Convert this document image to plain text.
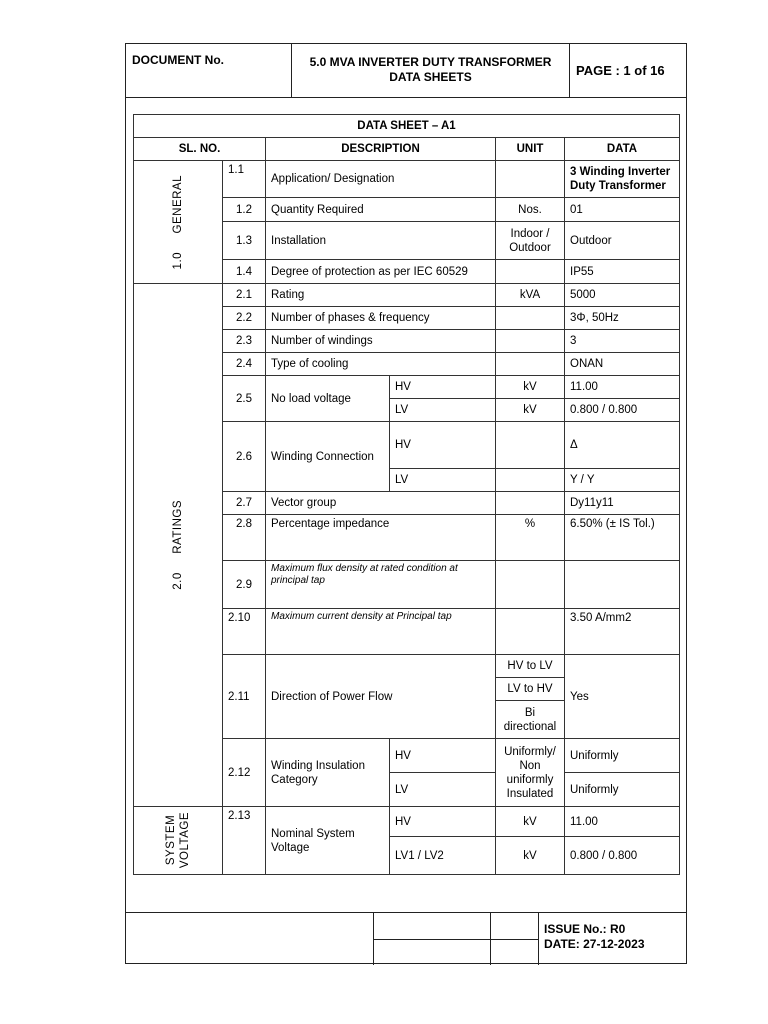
DOCUMENT No.	5.0 MVA INVERTER DUTY TRANSFORMER
DATA SHEETS	PAGE : 1 of 16
ISSUE No.: R0
DATE: 27-12-2023
DATA SHEET – A1					
SL. NO.		DESCRIPTION		UNIT	DATA

1.0     GENERAL	1.1	Application/ Designation			3 Winding Inverter Duty Transformer
	1.2	Quantity Required		Nos.	01
	1.3	Installation		Indoor / Outdoor	Outdoor
	1.4	Degree of protection as per IEC 60529			IP55

2.0     RATINGS	2.1	Rating		kVA	5000
	2.2	Number of phases & frequency			3Φ, 50Hz
	2.3	Number of windings			3
	2.4	Type of cooling			ONAN
	2.5	No load voltage	HV	kV	11.00
			LV	kV	0.800 / 0.800
	2.6	Winding Connection	HV		Δ
			LV		Y / Y
	2.7	Vector group			Dy11y11
	2.8	Percentage impedance		%	6.50% (± IS Tol.)
	2.9	Maximum flux density at rated condition at principal tap			
	2.10	Maximum current density at Principal tap			3.50 A/mm2
	2.11	Direction of Power Flow		HV to LV	Yes
				LV to HV	
				Bi directional	
	2.12	Winding Insulation Category	HV	Uniformly/ Non uniformly Insulated	Uniformly
			LV		Uniformly

SYSTEM
VOLTAGE	2.13	Nominal System Voltage	HV	kV	11.00
			LV1 / LV2	kV	0.800 / 0.800
